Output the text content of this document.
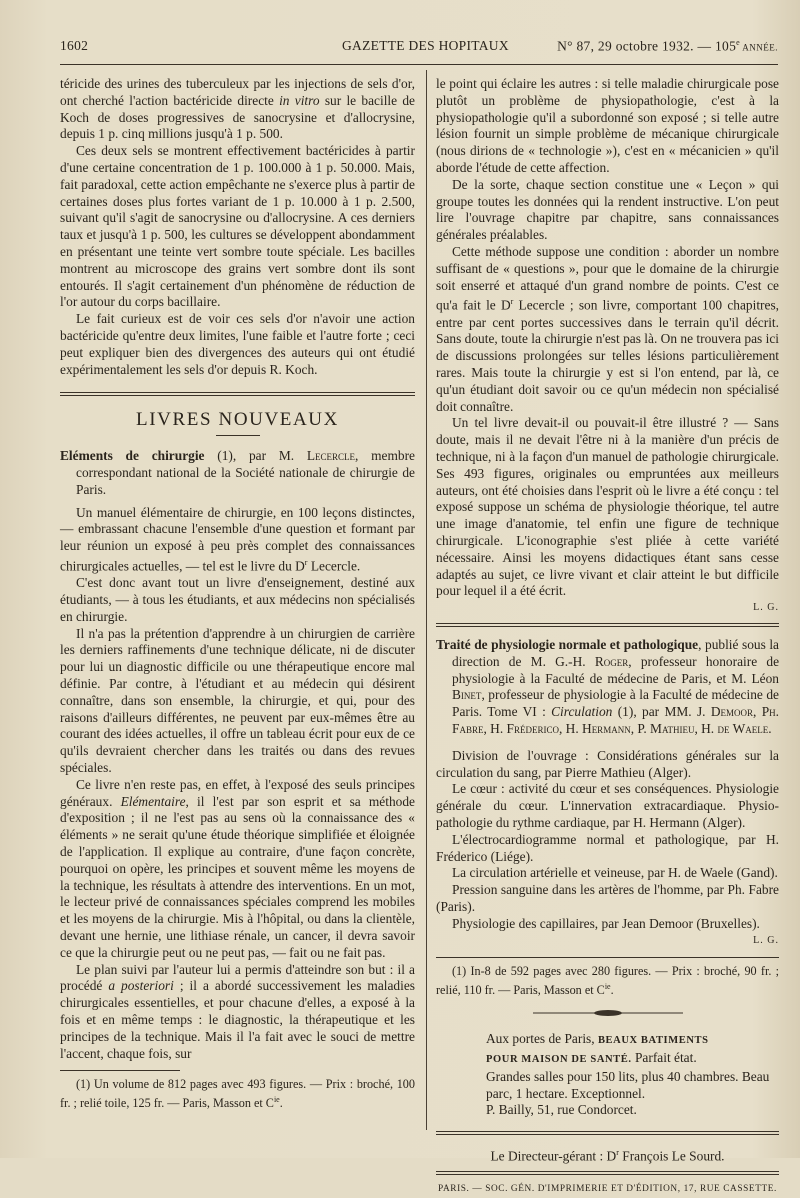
1602	GAZETTE DES HOPITAUX	N° 87, 29 octobre 1932. — 105e ANNÉE.

téricide des urines des tuberculeux par les injections de sels d'or, ont cherché l'action bactéricide directe in vitro sur le bacille de Koch de doses progressives de sanocrysine et d'allocrysine, depuis 1 p. cinq millions jusqu'à 1 p. 500.

Ces deux sels se montrent effectivement bactéricides à partir d'une certaine concentration de 1 p. 100.000 à 1 p. 50.000. Mais, fait paradoxal, cette action empêchante ne s'exerce plus à partir de certaines doses plus fortes variant de 1 p. 10.000 à 1 p. 2.500, suivant qu'il s'agit de sanocrysine ou d'allocrysine. A ces derniers taux et jusqu'à 1 p. 500, les cultures se développent abondamment en présentant une teinte vert sombre toute spéciale. Les bacilles montrent au microscope des grains vert sombre dont ils sont entourés. Il s'agit certainement d'un phénomène de réduction de l'or autour du corps bacillaire.

Le fait curieux est de voir ces sels d'or n'avoir une action bactéricide qu'entre deux limites, l'une faible et l'autre forte ; ceci peut expliquer bien des divergences des auteurs qui ont étudié expérimentalement les sels d'or depuis R. Koch.

LIVRES NOUVEAUX

Eléments de chirurgie (1), par M. Lecercle, membre correspondant national de la Société nationale de chirurgie de Paris.

Un manuel élémentaire de chirurgie, en 100 leçons distinctes, — embrassant chacune l'ensemble d'une question et formant par leur réunion un exposé à peu près complet des connaissances chirurgicales actuelles, — tel est le livre du $D^r$ Lecercle.

C'est donc avant tout un livre d'enseignement, destiné aux étudiants, — à tous les étudiants, et aux médecins non spécialisés en chirurgie.

Il n'a pas la prétention d'apprendre à un chirurgien de carrière les derniers raffinements d'une technique délicate, ni de discuter pour lui un diagnostic difficile ou une thérapeutique encore mal définie. Par contre, à l'étudiant et au médecin qui désirent connaître, dans son ensemble, la chirurgie, et qui, pour des raisons d'ailleurs différentes, ne peuvent par eux-mêmes être au courant des idées actuelles, il offre un tableau écrit pour eux de ce qu'ils devraient chercher dans les traités ou dans des revues spéciales.

Ce livre n'en reste pas, en effet, à l'exposé des seuls principes généraux. Elémentaire, il l'est par son esprit et sa méthode d'exposition ; il ne l'est pas au sens où la connaissance des « éléments » ne serait qu'une étude théorique simplifiée et éloignée de l'application. Il explique au contraire, d'une façon concrète, pourquoi on opère, les principes et souvent même les moyens de la technique, les résultats à attendre des interventions. En un mot, le lecteur privé de connaissances spéciales comprend les mobiles et les moyens de la chirurgie. Mis à l'hôpital, ou dans la clientèle, devant une hernie, une lithiase rénale, un cancer, il devra savoir ce que la chirurgie peut ou ne peut pas, — fait ou ne fait pas.

Le plan suivi par l'auteur lui a permis d'atteindre son but : il a procédé a posteriori ; il a abordé successivement les maladies chirurgicales essentielles, et pour chacune d'elles, a exposé à la fois et en même temps : le diagnostic, la thérapeutique et les principes de la technique. Mais il l'a fait avec le souci de mettre l'accent, chaque fois, sur

(1) Un volume de 812 pages avec 493 figures. — Prix : broché, 100 fr. ; relié toile, 125 fr. — Paris, Masson et $C^{ie}$.

le point qui éclaire les autres : si telle maladie chirurgicale pose plutôt un problème de physiopathologie, c'est à la physiopathologie qu'il a subordonné son exposé ; si telle autre lésion fournit un simple problème de mécanique chirurgicale (nous dirions de « technologie »), c'est en « mécanicien » qu'il aborde l'étude de cette affection.

De la sorte, chaque section constitue une « Leçon » qui groupe toutes les données qui la rendent instructive. L'on peut lire l'ouvrage chapitre par chapitre, sans connaissances générales préalables.

Cette méthode suppose une condition : aborder un nombre suffisant de « questions », pour que le domaine de la chirurgie soit enserré et attaqué d'un grand nombre de points. C'est ce qu'a fait le $D^r$ Lecercle ; son livre, comportant 100 chapitres, entre par cent portes successives dans le terrain qu'il décrit. Sans doute, toute la chirurgie n'est pas là. On ne trouvera pas ici de discussions prolongées sur telles lésions particulièrement rares. Mais toute la chirurgie y est si l'on entend, par là, ce qu'un étudiant doit savoir ou ce qu'un médecin non spécialisé doit connaître.

Un tel livre devait-il ou pouvait-il être illustré ? — Sans doute, mais il ne devait l'être ni à la manière d'un précis de technique, ni à la façon d'un manuel de pathologie chirurgicale. Ses 493 figures, originales ou empruntées aux meilleurs auteurs, ont été choisies dans l'esprit où le livre a été conçu : tel exposé suppose un schéma de physiologie théorique, tel autre une image d'anatomie, tel enfin une figure de technique chirurgicale. L'iconographie s'est pliée à cette variété nécessaire. Ainsi les moyens didactiques étant sans cesse adaptés au sujet, ce livre vivant et clair atteint le but difficile pour lequel il a été écrit.

L. G.

Traité de physiologie normale et pathologique, publié sous la direction de M. G.-H. Roger, professeur honoraire de physiologie à la Faculté de médecine de Paris, et M. Léon Binet, professeur de physiologie à la Faculté de médecine de Paris. Tome VI : Circulation (1), par MM. J. Demoor, Ph. Fabre, H. Fréderico, H. Hermann, P. Mathieu, H. de Waele.

Division de l'ouvrage : Considérations générales sur la circulation du sang, par Pierre Mathieu (Alger).

Le cœur : activité du cœur et ses conséquences. Physiologie générale du cœur. L'innervation extracardiaque. Physio-pathologie du rythme cardiaque, par H. Hermann (Alger).

L'électrocardiogramme normal et pathologique, par H. Fréderico (Liége).

La circulation artérielle et veineuse, par H. de Waele (Gand).

Pression sanguine dans les artères de l'homme, par Ph. Fabre (Paris).

Physiologie des capillaires, par Jean Demoor (Bruxelles).

L. G.

(1) In-8 de 592 pages avec 280 figures. — Prix : broché, 90 fr. ; relié, 110 fr. — Paris, Masson et $C^{ie}$.

Aux portes de Paris, BEAUX BATIMENTS
POUR MAISON DE SANTÉ. Parfait état.
Grandes salles pour 150 lits, plus 40 chambres. Beau parc, 1 hectare. Exceptionnel.
P. Bailly, 51, rue Condorcet.
Le Directeur-gérant : $D^r$ François Le Sourd.
PARIS. — SOC. GÉN. D'IMPRIMERIE ET D'ÉDITION, 17, RUE CASSETTE.
